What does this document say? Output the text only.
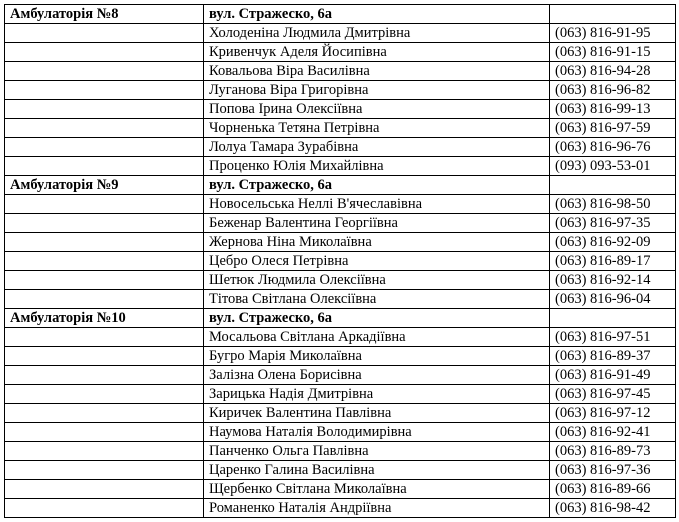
Амбулаторія №8	вул. Стражеско, 6а	
	Холоденіна Людмила Дмитрівна	(063) 816-91-95
	Кривенчук Аделя Йосипівна	(063) 816-91-15
	Ковальова Віра Василівна	(063) 816-94-28
	Луганова Віра Григорівна	(063) 816-96-82
	Попова Ірина Олексіївна	(063) 816-99-13
	Чорненька Тетяна Петрівна	(063) 816-97-59
	Лолуа Тамара Зурабівна	(063) 816-96-76
	Проценко Юлія Михайлівна	(093) 093-53-01
Амбулаторія №9	вул. Стражеско, 6а	
	Новосельська Неллі В'ячеславівна	(063) 816-98-50
	Беженар Валентина Георгіївна	(063) 816-97-35
	Жернова Ніна Миколаївна	(063) 816-92-09
	Цебро Олеся Петрівна	(063) 816-89-17
	Шетюк Людмила Олексіївна	(063) 816-92-14
	Тітова Світлана Олексіївна	(063) 816-96-04
Амбулаторія №10	вул. Стражеско, 6а	
	Мосальова Світлана Аркадіївна	(063) 816-97-51
	Бугро Марія Миколаївна	(063) 816-89-37
	Залізна Олена Борисівна	(063) 816-91-49
	Зарицька Надія Дмитрівна	(063) 816-97-45
	Киричек Валентина Павлівна	(063) 816-97-12
	Наумова Наталія Володимирівна	(063) 816-92-41
	Панченко Ольга Павлівна	(063) 816-89-73
	Царенко Галина Василівна	(063) 816-97-36
	Щербенко Світлана Миколаївна	(063) 816-89-66
	Романенко Наталія Андріївна	(063) 816-98-42
